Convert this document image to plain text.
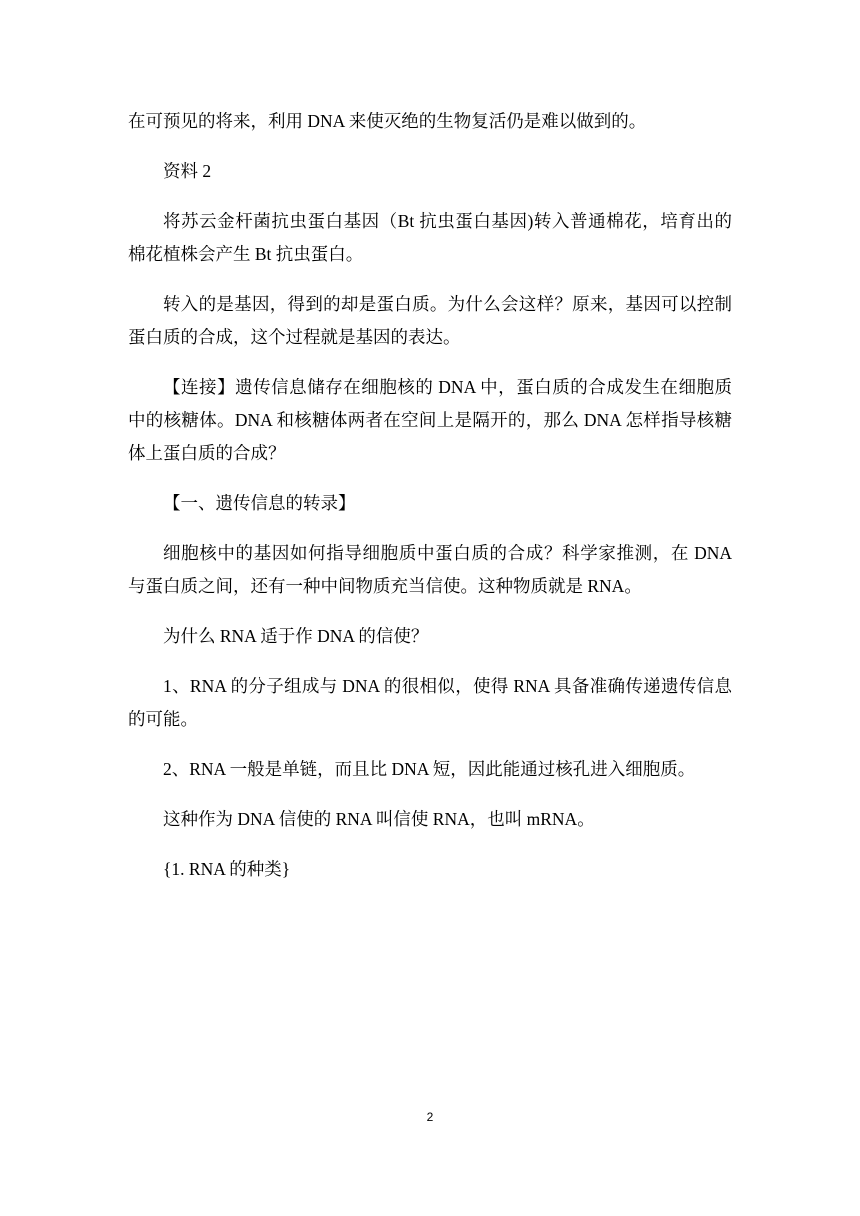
在可预见的将来，利用 DNA 来使灭绝的生物复活仍是难以做到的。

资料 2

将苏云金杆菌抗虫蛋白基因（Bt 抗虫蛋白基因)转入普通棉花，培育出的棉花植株会产生 Bt 抗虫蛋白。

转入的是基因，得到的却是蛋白质。为什么会这样？原来，基因可以控制蛋白质的合成，这个过程就是基因的表达。

【连接】遗传信息储存在细胞核的 DNA 中，蛋白质的合成发生在细胞质中的核糖体。DNA 和核糖体两者在空间上是隔开的，那么 DNA 怎样指导核糖体上蛋白质的合成？

【一、遗传信息的转录】

细胞核中的基因如何指导细胞质中蛋白质的合成？科学家推测，在 DNA 与蛋白质之间，还有一种中间物质充当信使。这种物质就是 RNA。

为什么 RNA 适于作 DNA 的信使？

1、RNA 的分子组成与 DNA 的很相似，使得 RNA 具备准确传递遗传信息的可能。

2、RNA 一般是单链，而且比 DNA 短，因此能通过核孔进入细胞质。

这种作为 DNA 信使的 RNA 叫信使 RNA，也叫 mRNA。

{1. RNA 的种类}

2
